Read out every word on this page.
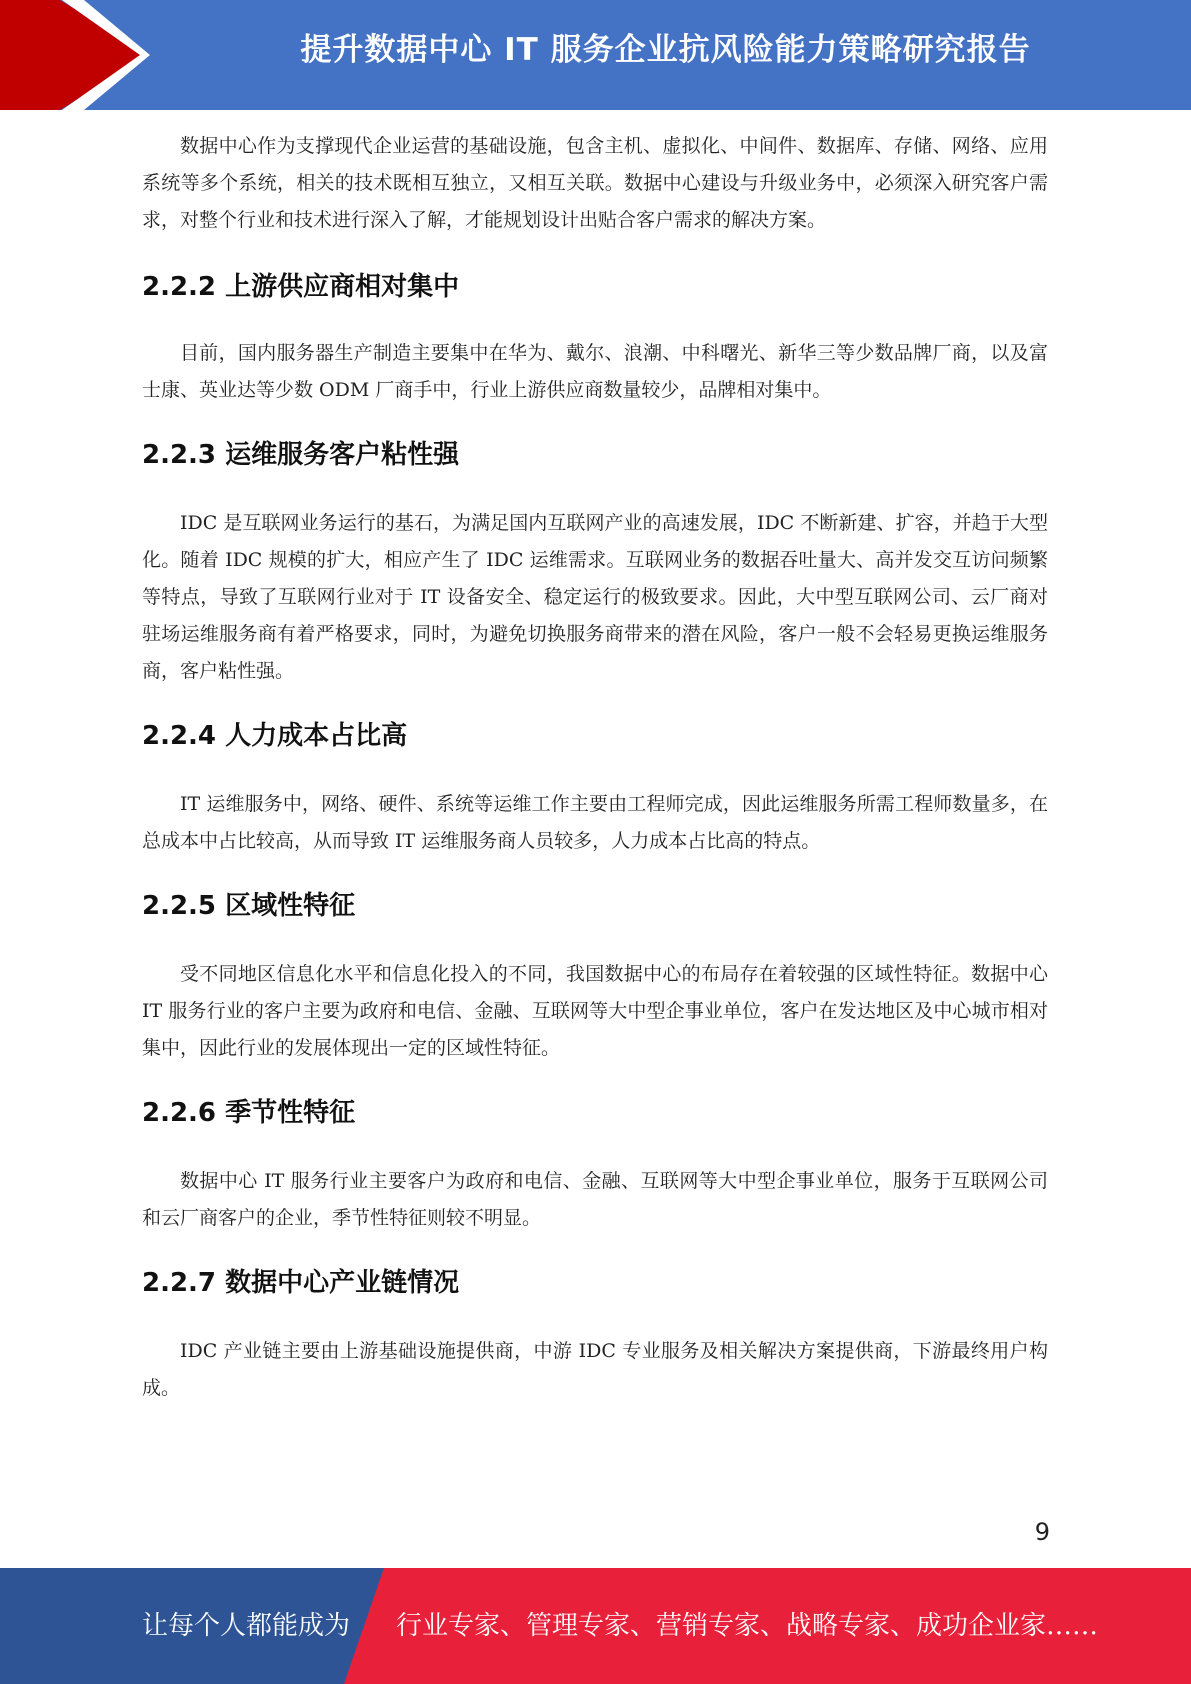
提升数据中心 IT 服务企业抗风险能力策略研究报告

数据中心作为支撑现代企业运营的基础设施，包含主机、虚拟化、中间件、数据库、存储、网络、应用系统等多个系统，相关的技术既相互独立，又相互关联。数据中心建设与升级业务中，必须深入研究客户需求，对整个行业和技术进行深入了解，才能规划设计出贴合客户需求的解决方案。

2.2.2 上游供应商相对集中

目前，国内服务器生产制造主要集中在华为、戴尔、浪潮、中科曙光、新华三等少数品牌厂商，以及富士康、英业达等少数 ODM 厂商手中，行业上游供应商数量较少，品牌相对集中。

2.2.3 运维服务客户粘性强

IDC 是互联网业务运行的基石，为满足国内互联网产业的高速发展，IDC 不断新建、扩容，并趋于大型化。随着 IDC 规模的扩大，相应产生了 IDC 运维需求。互联网业务的数据吞吐量大、高并发交互访问频繁等特点，导致了互联网行业对于 IT 设备安全、稳定运行的极致要求。因此，大中型互联网公司、云厂商对驻场运维服务商有着严格要求，同时，为避免切换服务商带来的潜在风险，客户一般不会轻易更换运维服务商，客户粘性强。

2.2.4 人力成本占比高

IT 运维服务中，网络、硬件、系统等运维工作主要由工程师完成，因此运维服务所需工程师数量多，在总成本中占比较高，从而导致 IT 运维服务商人员较多，人力成本占比高的特点。

2.2.5 区域性特征

受不同地区信息化水平和信息化投入的不同，我国数据中心的布局存在着较强的区域性特征。数据中心 IT 服务行业的客户主要为政府和电信、金融、互联网等大中型企事业单位，客户在发达地区及中心城市相对集中，因此行业的发展体现出一定的区域性特征。

2.2.6 季节性特征

数据中心 IT 服务行业主要客户为政府和电信、金融、互联网等大中型企事业单位，服务于互联网公司和云厂商客户的企业，季节性特征则较不明显。

2.2.7 数据中心产业链情况

IDC 产业链主要由上游基础设施提供商，中游 IDC 专业服务及相关解决方案提供商，下游最终用户构成。

9
让每个人都能成为 行业专家、管理专家、营销专家、战略专家、成功企业家……
